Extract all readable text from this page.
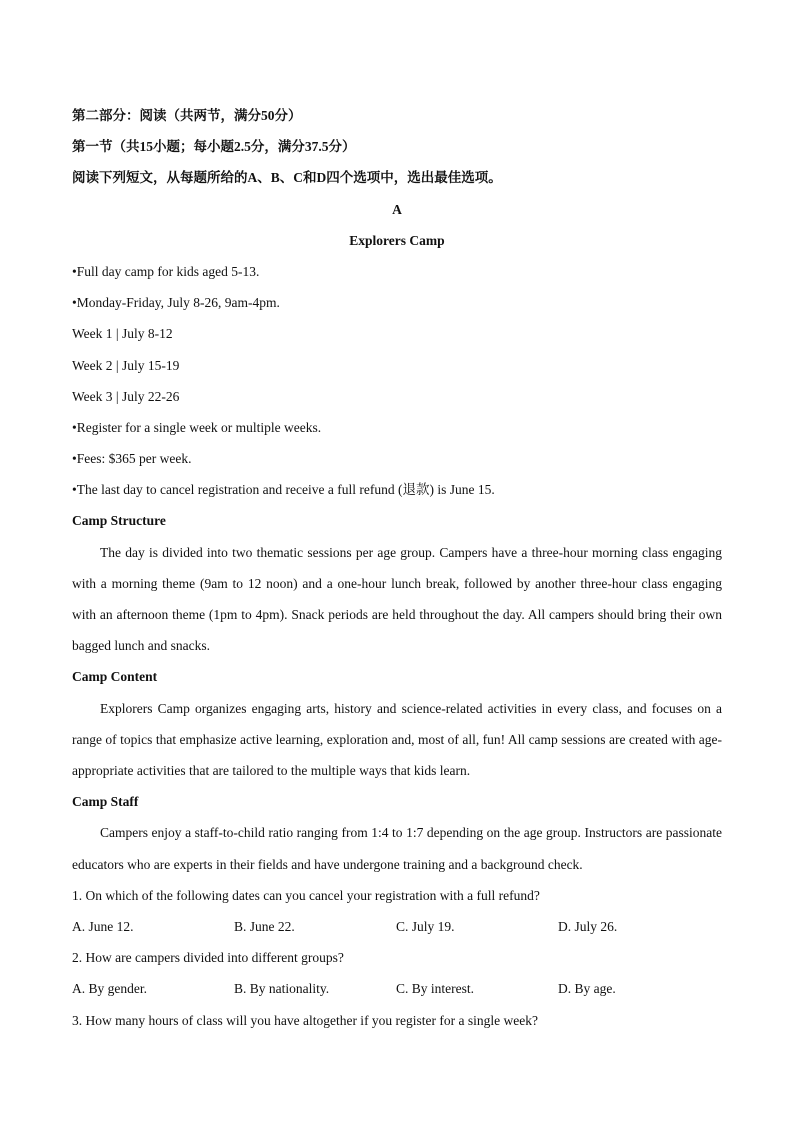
第二部分：阅读（共两节，满分50分）
第一节（共15小题；每小题2.5分，满分37.5分）
阅读下列短文，从每题所给的A、B、C和D四个选项中，选出最佳选项。
A
Explorers Camp
•Full day camp for kids aged 5-13.
•Monday-Friday, July 8-26, 9am-4pm.
Week 1 | July 8-12
Week 2 | July 15-19
Week 3 | July 22-26
•Register for a single week or multiple weeks.
•Fees: $365 per week.
•The last day to cancel registration and receive a full refund (退款) is June 15.
Camp Structure
The day is divided into two thematic sessions per age group. Campers have a three-hour morning class engaging with a morning theme (9am to 12 noon) and a one-hour lunch break, followed by another three-hour class engaging with an afternoon theme (1pm to 4pm). Snack periods are held throughout the day. All campers should bring their own bagged lunch and snacks.
Camp Content
Explorers Camp organizes engaging arts, history and science-related activities in every class, and focuses on a range of topics that emphasize active learning, exploration and, most of all, fun! All camp sessions are created with age-appropriate activities that are tailored to the multiple ways that kids learn.
Camp Staff
Campers enjoy a staff-to-child ratio ranging from 1:4 to 1:7 depending on the age group. Instructors are passionate educators who are experts in their fields and have undergone training and a background check.
1. On which of the following dates can you cancel your registration with a full refund?
A. June 12.	B. June 22.	C. July 19.	D. July 26.
2. How are campers divided into different groups?
A. By gender.	B. By nationality.	C. By interest.	D. By age.
3. How many hours of class will you have altogether if you register for a single week?
